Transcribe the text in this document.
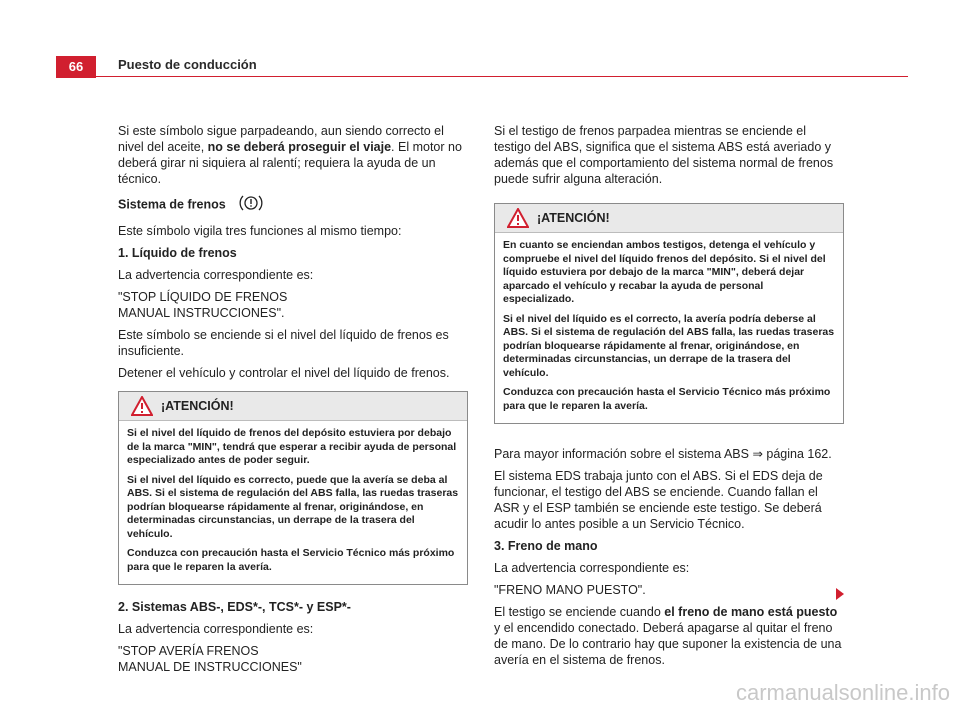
66	Puesto de conducción

Si este símbolo sigue parpadeando, aun siendo correcto el nivel del aceite, no se deberá proseguir el viaje. El motor no deberá girar ni siquiera al ralentí; requiera la ayuda de un técnico.

Sistema de frenos

Este símbolo vigila tres funciones al mismo tiempo:

1. Líquido de frenos

La advertencia correspondiente es:

"STOP LÍQUIDO DE FRENOS
MANUAL INSTRUCCIONES".

Este símbolo se enciende si el nivel del líquido de frenos es insuficiente.

Detener el vehículo y controlar el nivel del líquido de frenos.

¡ATENCIÓN!

Si el nivel del líquido de frenos del depósito estuviera por debajo de la marca "MIN", tendrá que esperar a recibir ayuda de personal especializado antes de poder seguir.

Si el nivel del líquido es correcto, puede que la avería se deba al ABS. Si el sistema de regulación del ABS falla, las ruedas traseras podrían bloquearse rápidamente al frenar, originándose, en determinadas circunstancias, un derrape de la trasera del vehículo.

Conduzca con precaución hasta el Servicio Técnico más próximo para que le reparen la avería.

2. Sistemas ABS-, EDS*-, TCS*- y ESP*-

La advertencia correspondiente es:

"STOP AVERÍA FRENOS
MANUAL DE INSTRUCCIONES"

Si el testigo de frenos parpadea mientras se enciende el testigo del ABS, significa que el sistema ABS está averiado y además que el comportamiento del sistema normal de frenos puede sufrir alguna alteración.

¡ATENCIÓN!

En cuanto se enciendan ambos testigos, detenga el vehículo y compruebe el nivel del líquido frenos del depósito. Si el nivel del líquido estuviera por debajo de la marca "MIN", deberá dejar aparcado el vehículo y recabar la ayuda de personal especializado.

Si el nivel del líquido es el correcto, la avería podría deberse al ABS. Si el sistema de regulación del ABS falla, las ruedas traseras podrían bloquearse rápidamente al frenar, originándose, en determinadas circunstancias, un derrape de la trasera del vehículo.

Conduzca con precaución hasta el Servicio Técnico más próximo para que le reparen la avería.

Para mayor información sobre el sistema ABS ⇒ página 162.

El sistema EDS trabaja junto con el ABS. Si el EDS deja de funcionar, el testigo del ABS se enciende. Cuando fallan el ASR y el ESP también se enciende este testigo. Se deberá acudir lo antes posible a un Servicio Técnico.

3. Freno de mano

La advertencia correspondiente es:

"FRENO MANO PUESTO".

El testigo se enciende cuando el freno de mano está puesto y el encendido conectado. Deberá apagarse al quitar el freno de mano. De lo contrario hay que suponer la existencia de una avería en el sistema de frenos.

carmanualsonline.info
